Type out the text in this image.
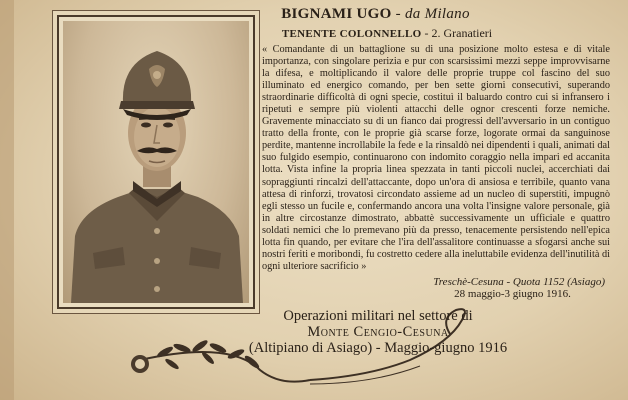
BIGNAMI UGO - da Milano
TENENTE COLONNELLO - 2. Granatieri
« Comandante di un battaglione su di una posizione molto estesa e di vitale importanza, con singolare perizia e pur con scarsissimi mezzi seppe improvvisarne la difesa, e moltiplicando il valore delle proprie truppe col fascino del suo illuminato ed energico comando, per ben sette giorni consecutivi, superando straordinarie difficoltà di ogni specie, costituì il baluardo contro cui si infransero i ripetuti e sempre più violenti attacchi delle ognor crescenti forze nemiche. Gravemente minacciato su di un fianco dai progressi dell'avversario in un contiguo tratto della fronte, con le proprie già scarse forze, logorate ormai da sanguinose perdite, mantenne incrollabile la fede e la rinsaldò nei dipendenti i quali, animati dal suo fulgido esempio, continuarono con indomito coraggio nella impari ed accanita lotta. Vista infine la propria linea spezzata in tanti piccoli nuclei, accerchiati dai sopraggiunti rincalzi dell'attaccante, dopo un'ora di ansiosa e terribile, quanto vana attesa di rinforzi, trovatosi circondato assieme ad un nucleo di superstiti, impugnò egli stesso un fucile e, confermando ancora una volta l'insigne valore personale, già in altre circostanze dimostrato, abbattè successivamente un ufficiale e quattro soldati nemici che lo premevano più da presso, tenacemente persistendo nell'epica lotta fin quando, per evitare che l'ira dell'assalitore continuasse a sfogarsi anche sui nostri feriti e moribondi, fu costretto cedere alla ineluttabile evidenza dell'inutilità di ogni ulteriore sacrificio »
Treschè-Cesuna - Quota 1152 (Asiago)
28 maggio-3 giugno 1916.
Operazioni militari nel settore di
Monte Cengio-Cesuna
(Altipiano di Asiago) - Maggio-giugno 1916
